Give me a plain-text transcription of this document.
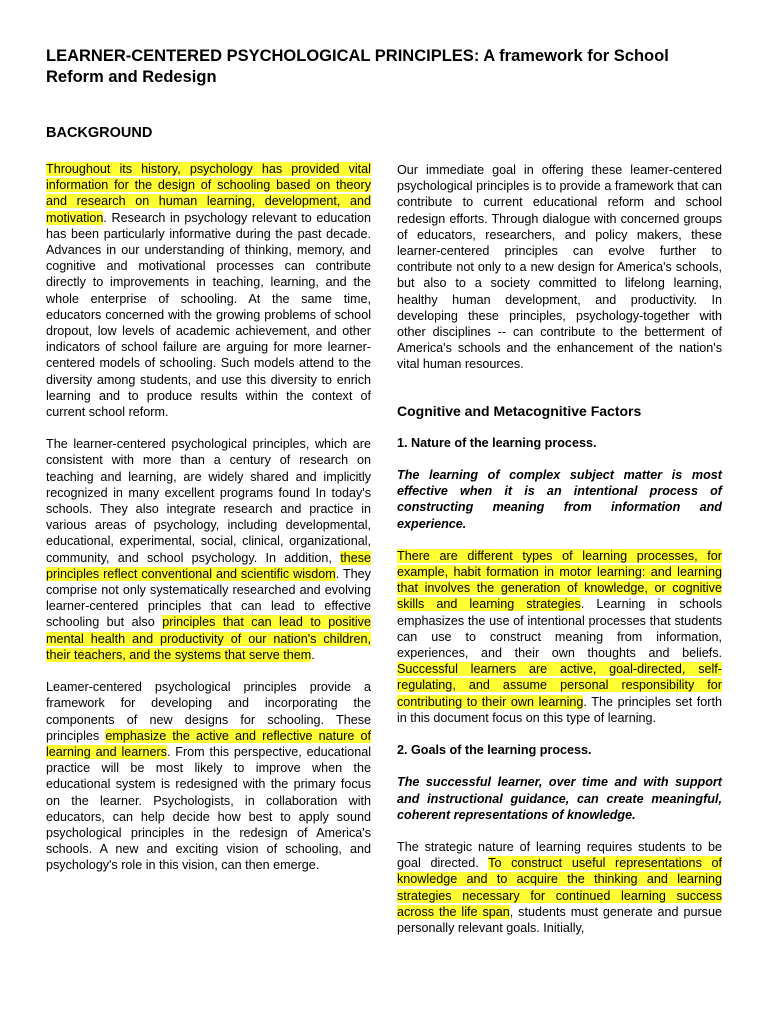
LEARNER-CENTERED PSYCHOLOGICAL PRINCIPLES: A framework for School Reform and Redesign
BACKGROUND

Throughout its history, psychology has provided vital information for the design of schooling based on theory and research on human learning, development, and motivation. Research in psychology relevant to education has been particularly informative during the past decade. Advances in our understanding of thinking, memory, and cognitive and motivational processes can contribute directly to improvements in teaching, learning, and the whole enterprise of schooling. At the same time, educators concerned with the growing problems of school dropout, low levels of academic achievement, and other indicators of school failure are arguing for more learner-centered models of schooling. Such models attend to the diversity among students, and use this diversity to enrich learning and to produce results within the context of current school reform.

The learner-centered psychological principles, which are consistent with more than a century of research on teaching and learning, are widely shared and implicitly recognized in many excellent programs found In today's schools. They also integrate research and practice in various areas of psychology, including developmental, educational, experimental, social, clinical, organizational, community, and school psychology. In addition, these principles reflect conventional and scientific wisdom. They comprise not only systematically researched and evolving learner-centered principles that can lead to effective schooling but also principles that can lead to positive mental health and productivity of our nation's children, their teachers, and the systems that serve them.

Leamer-centered psychological principles provide a framework for developing and incorporating the components of new designs for schooling. These principles emphasize the active and reflective nature of learning and learners. From this perspective, educational practice will be most likely to improve when the educational system is redesigned with the primary focus on the learner. Psychologists, in collaboration with educators, can help decide how best to apply sound psychological principles in the redesign of America's schools. A new and exciting vision of schooling, and psychology's role in this vision, can then emerge.

Our immediate goal in offering these leamer-centered psychological principles is to provide a framework that can contribute to current educational reform and school redesign efforts. Through dialogue with concerned groups of educators, researchers, and policy makers, these learner-centered principles can evolve further to contribute not only to a new design for America's schools, but also to a society committed to lifelong learning, healthy human development, and productivity. In developing these principles, psychology-together with other disciplines -- can contribute to the betterment of America's schools and the enhancement of the nation's vital human resources.

Cognitive and Metacognitive Factors

1. Nature of the learning process.

The learning of complex subject matter is most effective when it is an intentional process of constructing meaning from information and experience.

There are different types of learning processes, for example, habit formation in motor learning: and learning that involves the generation of knowledge, or cognitive skills and learning strategies. Learning in schools emphasizes the use of intentional processes that students can use to construct meaning from information, experiences, and their own thoughts and beliefs. Successful learners are active, goal-directed, self-regulating, and assume personal responsibility for contributing to their own learning. The principles set forth in this document focus on this type of learning.

2. Goals of the learning process.

The successful learner, over time and with support and instructional guidance, can create meaningful, coherent representations of knowledge.

The strategic nature of learning requires students to be goal directed. To construct useful representations of knowledge and to acquire the thinking and learning strategies necessary for continued learning success across the life span, students must generate and pursue personally relevant goals. Initially,
